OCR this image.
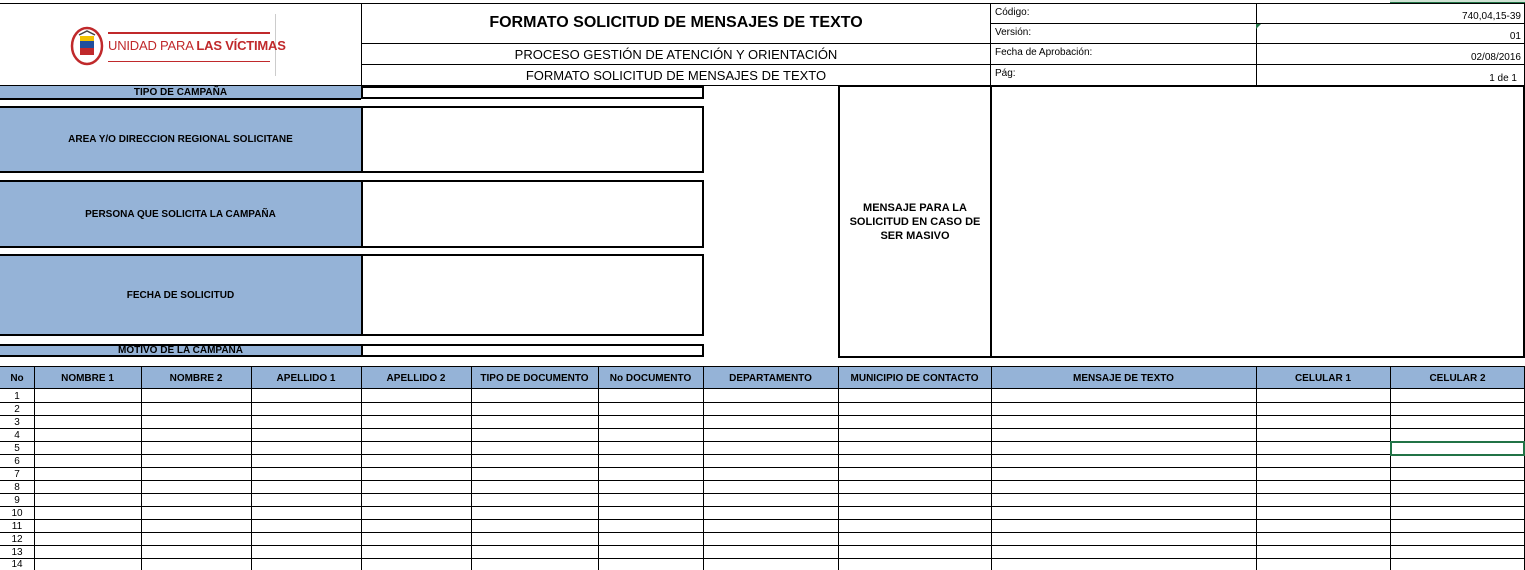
UNIDAD PARA LAS VÍCTIMAS
FORMATO SOLICITUD DE MENSAJES DE TEXTO
PROCESO GESTIÓN DE ATENCIÓN Y ORIENTACIÓN
FORMATO SOLICITUD DE MENSAJES DE TEXTO
Código:	740,04,15-39
Versión:	01
Fecha de Aprobación:	02/08/2016
Pág:	1 de 1
TIPO DE CAMPAÑA
AREA Y/O DIRECCION REGIONAL SOLICITANE
PERSONA QUE SOLICITA LA CAMPAÑA
FECHA DE SOLICITUD
MOTIVO DE LA CAMPAÑA
MENSAJE PARA LA SOLICITUD EN CASO DE SER MASIVO
No	NOMBRE 1	NOMBRE 2	APELLIDO 1	APELLIDO 2	TIPO DE DOCUMENTO	No DOCUMENTO	DEPARTAMENTO	MUNICIPIO DE CONTACTO	MENSAJE DE TEXTO	CELULAR 1	CELULAR 2
1
2
3
4
5
6
7
8
9
10
11
12
13
14
